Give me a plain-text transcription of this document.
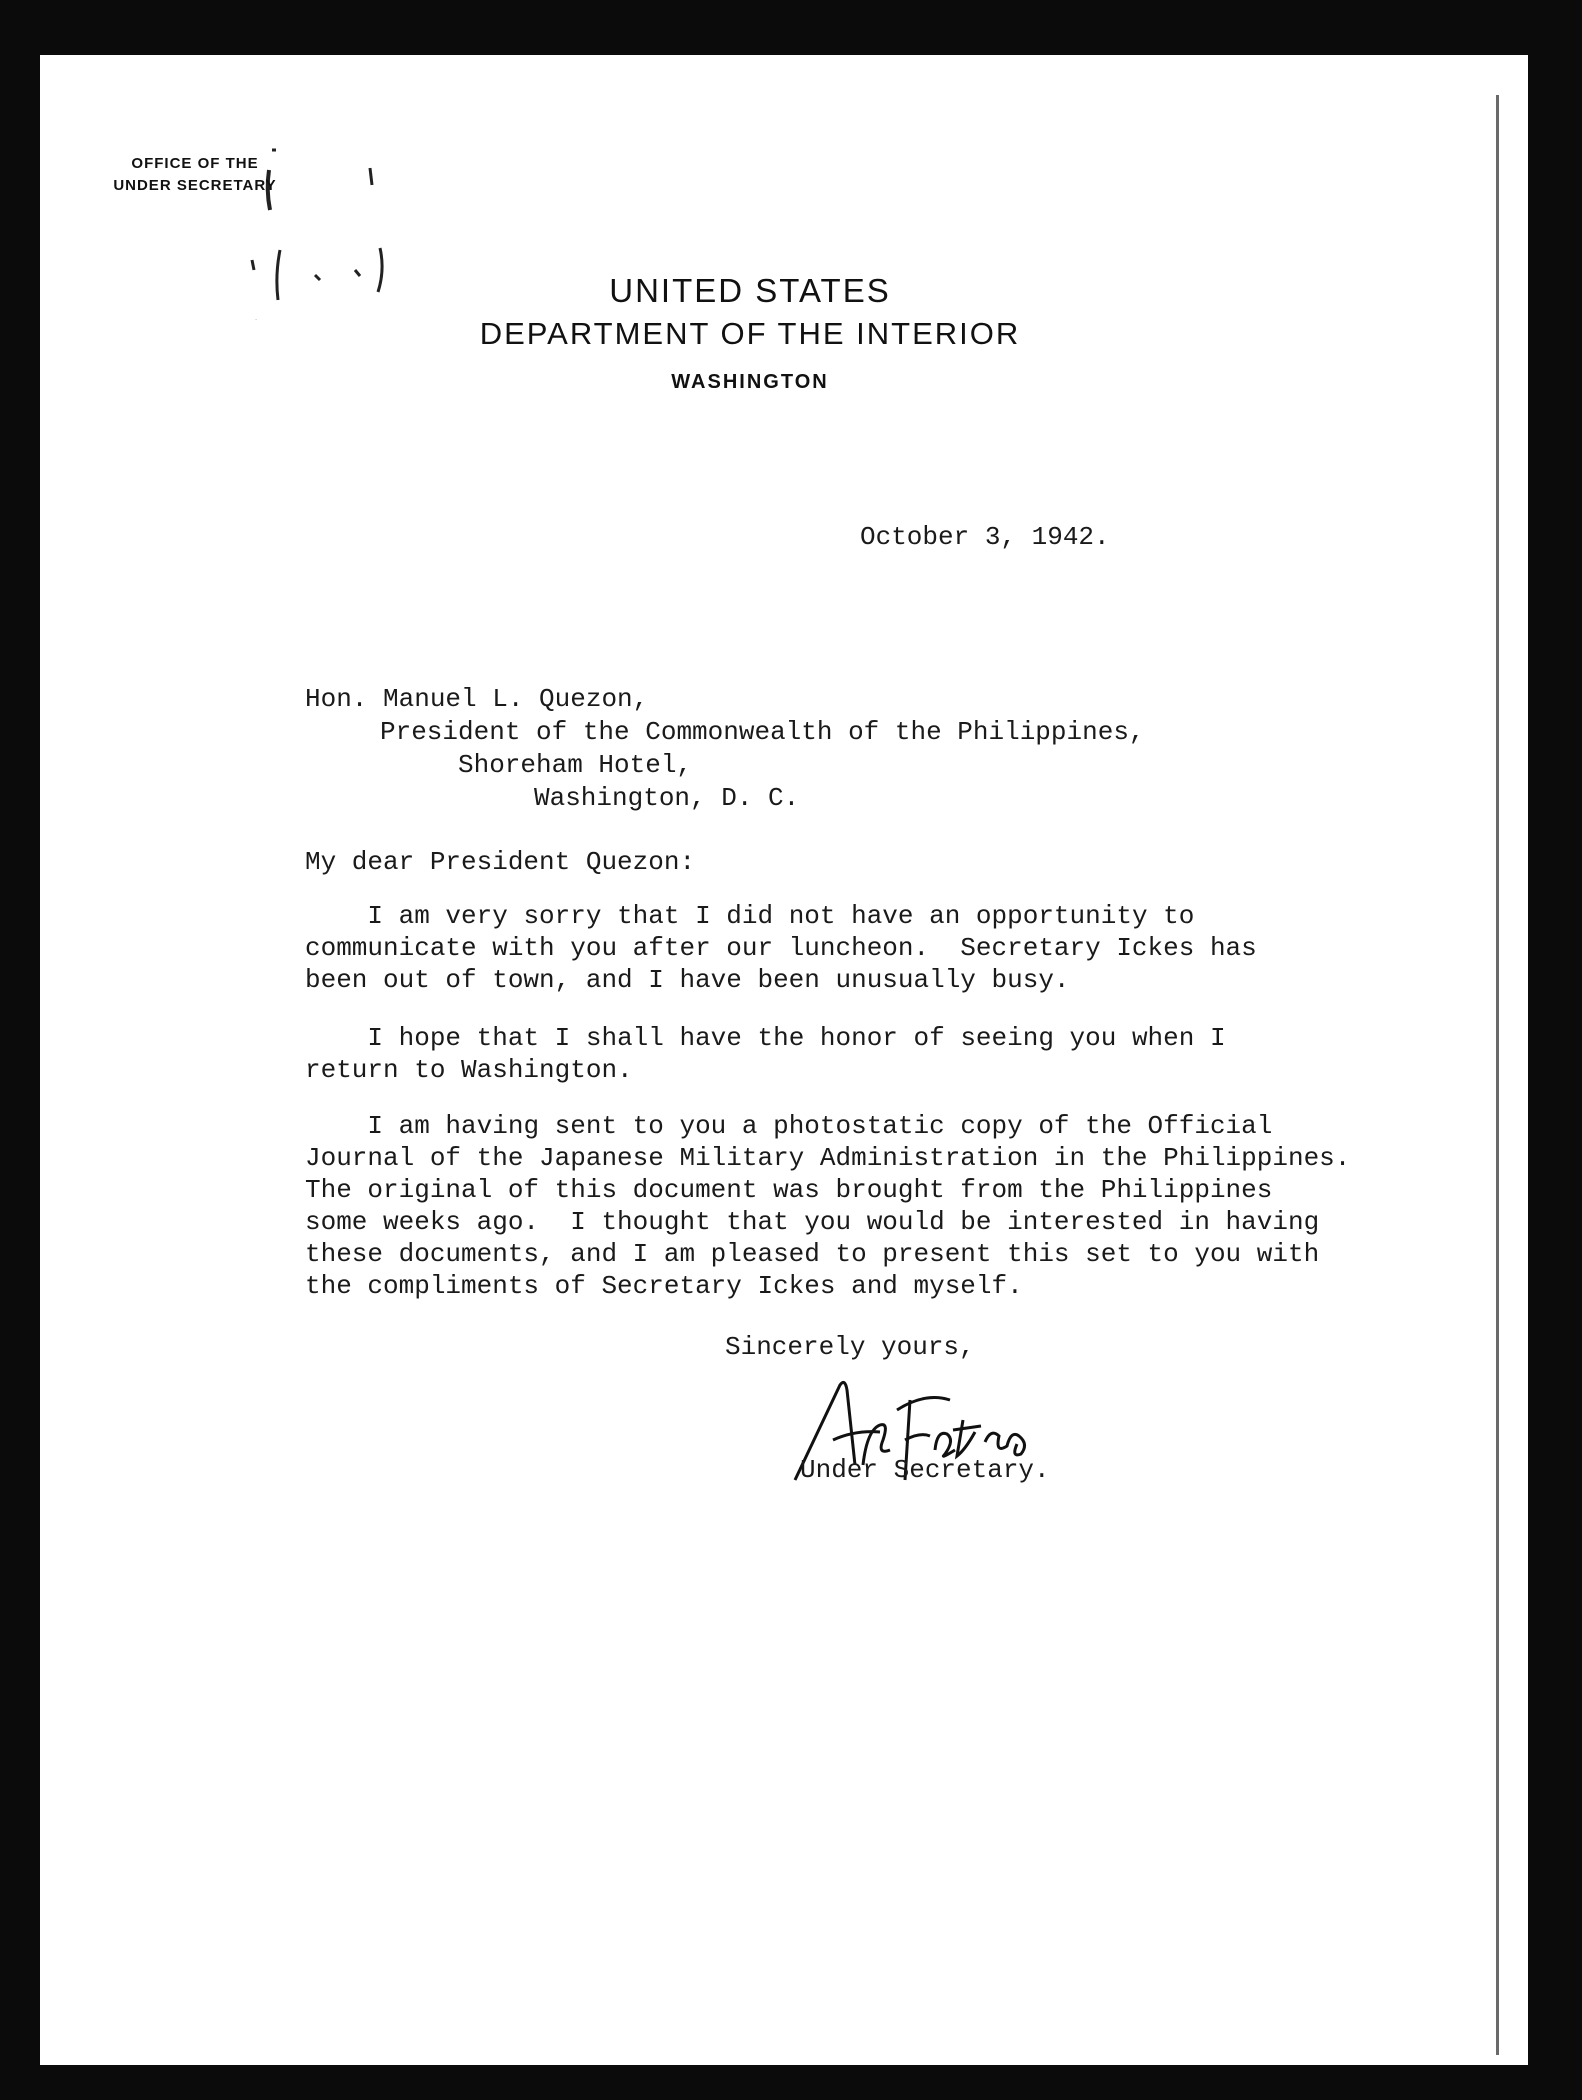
OFFICE OF THE
UNDER SECRETARY
UNITED STATES
DEPARTMENT OF THE INTERIOR
WASHINGTON
October 3, 1942.
Hon. Manuel L. Quezon,
President of the Commonwealth of the Philippines,
Shoreham Hotel,
Washington, D. C.
My dear President Quezon:
I am very sorry that I did not have an opportunity to
communicate with you after our luncheon.  Secretary Ickes has
been out of town, and I have been unusually busy.
I hope that I shall have the honor of seeing you when I
return to Washington.
I am having sent to you a photostatic copy of the Official
Journal of the Japanese Military Administration in the Philippines.
The original of this document was brought from the Philippines
some weeks ago.  I thought that you would be interested in having
these documents, and I am pleased to present this set to you with
the compliments of Secretary Ickes and myself.
Sincerely yours,
Under Secretary.
